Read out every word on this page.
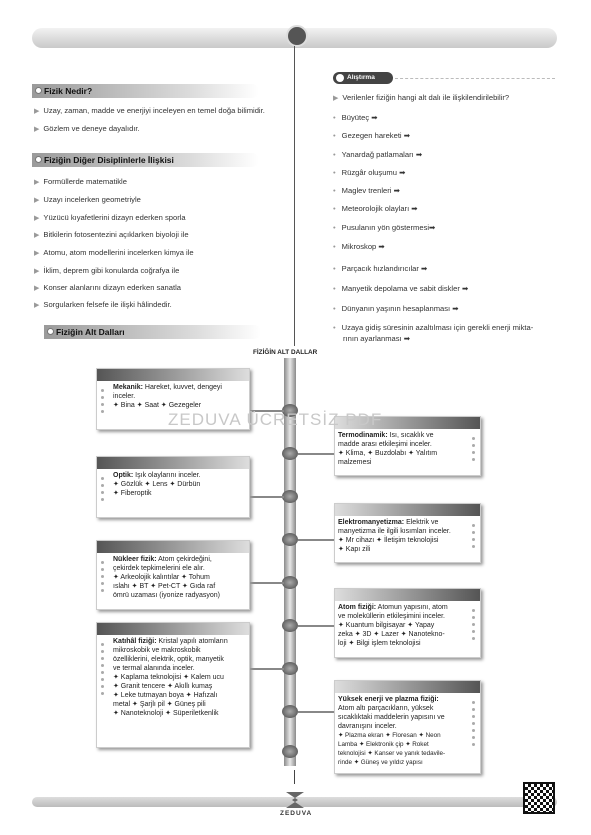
Fizik Nedir?
▶ Uzay, zaman, madde ve enerjiyi inceleyen en temel doğa bilimidir.
▶ Gözlem ve deneye dayalıdır.
Fiziğin Diğer Disiplinlerle İlişkisi
▶ Formüllerde matematikle
▶ Uzayı incelerken geometriyle
▶ Yüzücü kıyafetlerini dizayn ederken sporla
▶ Bitkilerin fotosentezini açıklarken biyoloji ile
▶ Atomu, atom modellerini incelerken kimya ile
▶ İklim, deprem gibi konularda coğrafya ile
▶ Konser alanlarını dizayn ederken sanatla
▶ Sorgularken felsefe ile ilişki hâlindedir.
Fiziğin Alt Dalları
Alıştırma
▶ Verilenler fiziğin hangi alt dalı ile ilişkilendirilebilir?
• Büyüteç ➡
• Gezegen hareketi ➡
• Yanardağ patlamaları ➡
• Rüzgâr oluşumu ➡
• Maglev trenleri ➡
• Meteorolojik olayları ➡
• Pusulanın yön göstermesi➡
• Mikroskop ➡
• Parçacık hızlandırıcılar ➡
• Manyetik depolama ve sabit diskler ➡
• Dünyanın yaşının hesaplanması ➡
• Uzaya gidiş süresinin azaltılması için gerekli enerji mikta-
rının ayarlanması ➡
FİZİĞİN ALT DALLAR
Mekanik: Hareket, kuvvet, dengeyi
inceler.
✦ Bina ✦ Saat ✦ Gezegeler
Termodinamik: Isı, sıcaklık ve
madde arası etkileşimi inceler.
✦ Klima, ✦ Buzdolabı ✦ Yalıtım
malzemesi
Optik: Işık olaylarını inceler.
✦ Gözlük ✦ Lens ✦ Dürbün
✦ Fiberoptik
Elektromanyetizma: Elektrik ve
manyetizma ile ilgili kısımları inceler.
✦ Mr cihazı ✦ İletişim teknolojisi
✦ Kapı zili
Nükleer fizik: Atom çekirdeğini,
çekirdek tepkimelerini ele alır.
✦ Arkeolojik kalıntılar ✦ Tohum
ıslahı ✦ BT ✦ Pet-CT ✦ Gıda raf
ömrü uzaması (iyonize radyasyon)
Atom fiziği: Atomun yapısını, atom
ve moleküllerin etkileşimini inceler.
✦ Kuantum bilgisayar ✦ Yapay
zeka ✦ 3D ✦ Lazer ✦ Nanotekno-
loji ✦ Bilgi işlem teknolojisi
Katıhâl fiziği: Kristal yapılı atomların
mikroskobik ve makroskobik
özelliklerini, elektrik, optik, manyetik
ve termal alanında inceler.
✦ Kaplama teknolojisi ✦ Kalem ucu
✦ Granit tencere ✦ Akıllı kumaş
✦ Leke tutmayan boya ✦ Hafızalı
metal ✦ Şarjlı pil ✦ Güneş pili
✦ Nanoteknoloji ✦ Süperiletkenlik
Yüksek enerji ve plazma fiziği:
Atom altı parçacıkların, yüksek
sıcaklıktaki maddelerin yapısını ve
davranışını inceler.
✦ Plazma ekran ✦ Floresan ✦ Neon
Lamba ✦ Elektronik çip ✦ Roket
teknolojisi ✦ Kanser ve yanık tedavile-
rinde ✦ Güneş ve yıldız yapısı
ZEDUVA ÜCRETSİZ PDF
ZEDUVA
